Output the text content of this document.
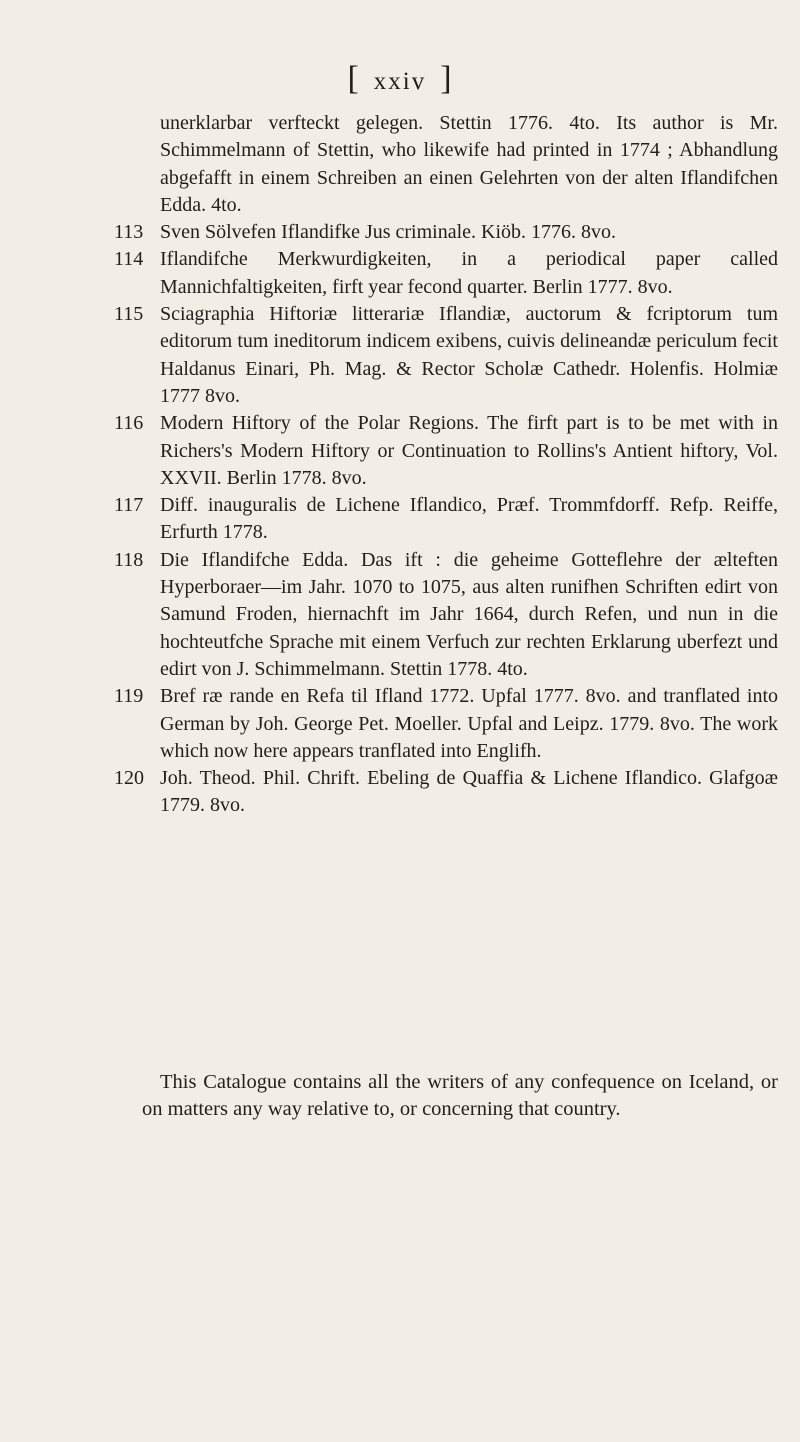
[ xxiv ]

unerklarbar verfteckt gelegen. Stettin 1776. 4to. Its author is Mr. Schimmelmann of Stettin, who likewife had printed in 1774 ; Abhandlung abgefafft in einem Schreiben an einen Gelehrten von der alten Iflandifchen Edda. 4to.

113 Sven Sölvefen Iflandifke Jus criminale. Kiöb. 1776. 8vo.
114 Iflandifche Merkwurdigkeiten, in a periodical paper called Mannichfaltigkeiten, firft year fecond quarter. Berlin 1777. 8vo.
115 Sciagraphia Hiftoriæ litterariæ Iflandiæ, auctorum & fcriptorum tum editorum tum ineditorum indicem exibens, cuivis delineandæ periculum fecit Haldanus Einari, Ph. Mag. & Rector Scholæ Cathedr. Holenfis. Holmiæ 1777 8vo.
116 Modern Hiftory of the Polar Regions. The firft part is to be met with in Richers's Modern Hiftory or Continuation to Rollins's Antient hiftory, Vol. XXVII. Berlin 1778. 8vo.
117 Diff. inauguralis de Lichene Iflandico, Præf. Trommfdorff. Refp. Reiffe, Erfurth 1778.
118 Die Iflandifche Edda. Das ift : die geheime Gotteflehre der ælteften Hyperboraer—im Jahr. 1070 to 1075, aus alten runifhen Schriften edirt von Samund Froden, hiernachft im Jahr 1664, durch Refen, und nun in die hochteutfche Sprache mit einem Verfuch zur rechten Erklarung uberfezt und edirt von J. Schimmelmann. Stettin 1778. 4to.
119 Bref ræ rande en Refa til Ifland 1772. Upfal 1777. 8vo. and tranflated into German by Joh. George Pet. Moeller. Upfal and Leipz. 1779. 8vo. The work which now here appears tranflated into Englifh.
120 Joh. Theod. Phil. Chrift. Ebeling de Quaffia & Lichene Iflandico. Glafgoæ 1779. 8vo.

This Catalogue contains all the writers of any confequence on Iceland, or on matters any way relative to, or concerning that country.
